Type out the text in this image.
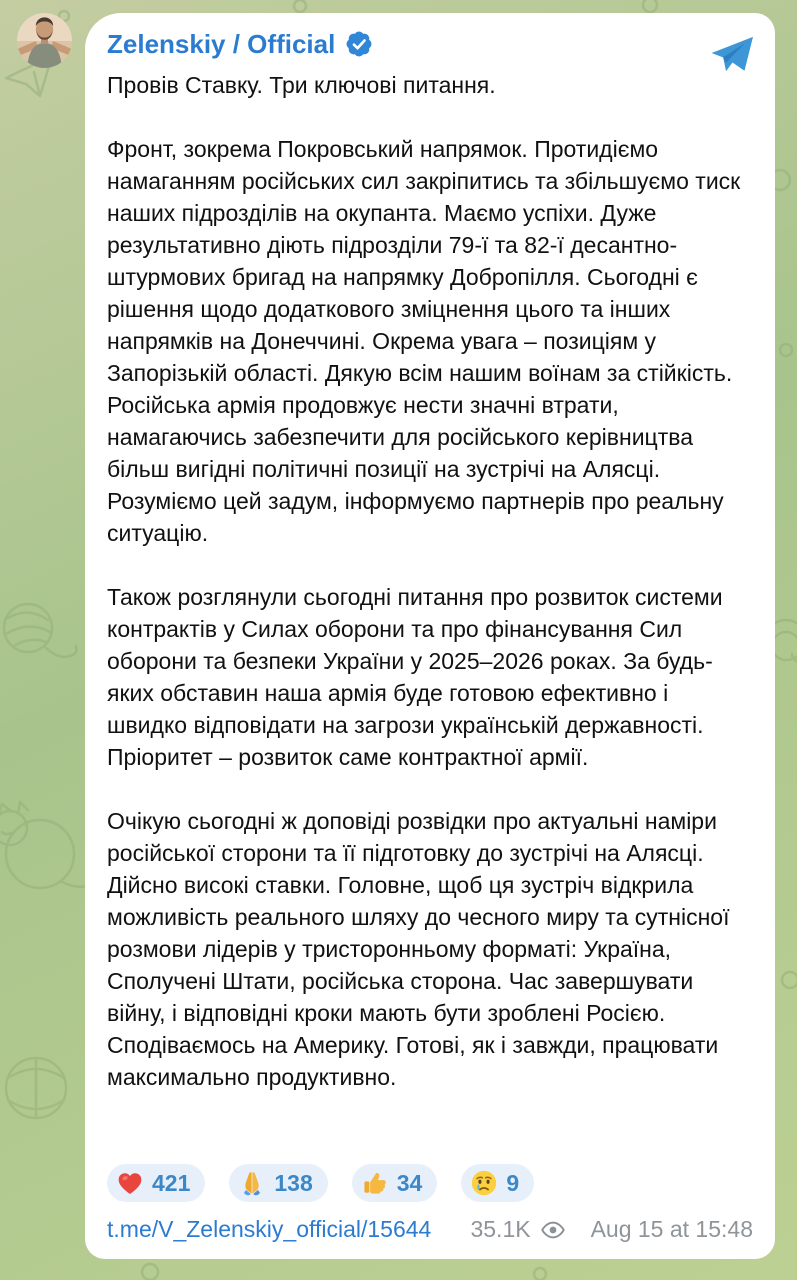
Zelenskiy / Official

Провів Ставку. Три ключові питання.

Фронт, зокрема Покровський напрямок. Протидіємо намаганням російських сил закріпитись та збільшуємо тиск наших підрозділів на окупанта. Маємо успіхи. Дуже результативно діють підрозділи 79-ї та 82-ї десантно-штурмових бригад на напрямку Добропілля. Сьогодні є рішення щодо додаткового зміцнення цього та інших напрямків на Донеччині. Окрема увага – позиціям у Запорізькій області. Дякую всім нашим воїнам за стійкість. Російська армія продовжує нести значні втрати, намагаючись забезпечити для російського керівництва більш вигідні політичні позиції на зустрічі на Алясці. Розуміємо цей задум, інформуємо партнерів про реальну ситуацію.

Також розглянули сьогодні питання про розвиток системи контрактів у Силах оборони та про фінансування Сил оборони та безпеки України у 2025–2026 роках. За будь-яких обставин наша армія буде готовою ефективно і швидко відповідати на загрози українській державності. Пріоритет – розвиток саме контрактної армії.

Очікую сьогодні ж доповіді розвідки про актуальні наміри російської сторони та її підготовку до зустрічі на Алясці. Дійсно високі ставки. Головне, щоб ця зустріч відкрила можливість реального шляху до чесного миру та сутнісної розмови лідерів у тристоронньому форматі: Україна, Сполучені Штати, російська сторона. Час завершувати війну, і відповідні кроки мають бути зроблені Росією. Сподіваємось на Америку. Готові, як і завжди, працювати максимально продуктивно.

421	138	34	9
t.me/V_Zelenskiy_official/15644 35.1K	Aug 15 at 15:48
